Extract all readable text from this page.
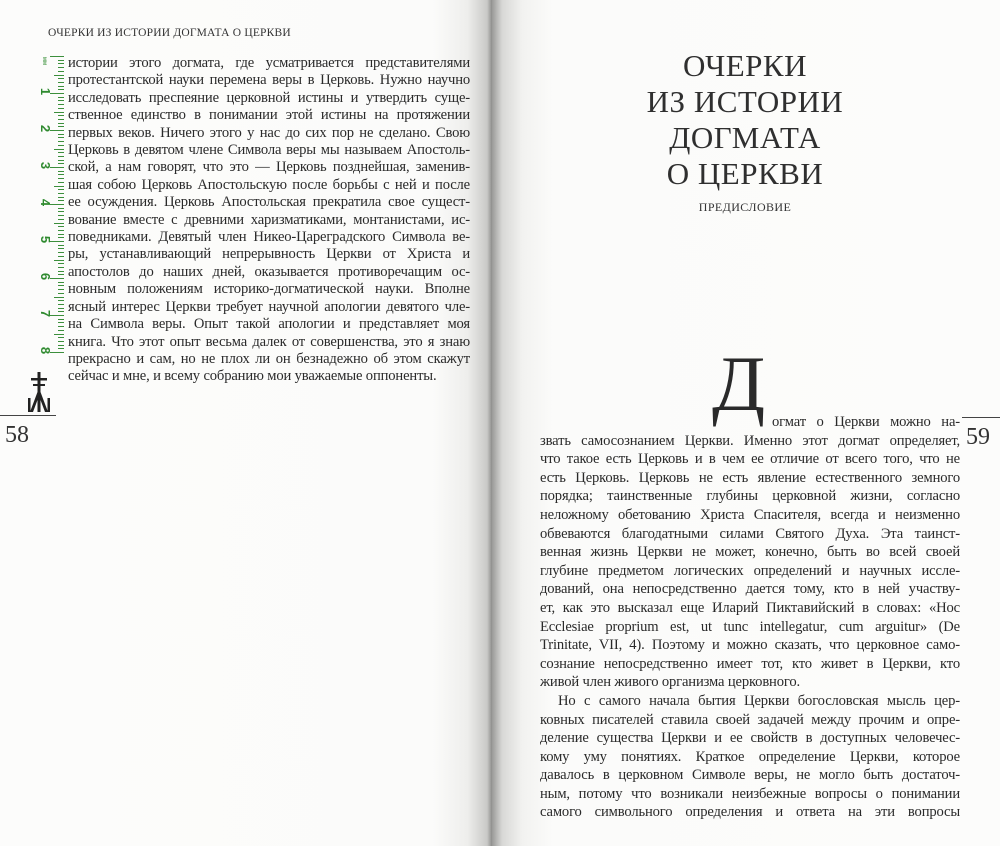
ОЧЕРКИ ИЗ ИСТОРИИ ДОГМАТА О ЦЕРКВИ
мм
1
2
3
4
5
6
7
8
истории этого догмата, где усматривается представителями
протестантской науки перемена веры в Церковь. Нужно научно
исследовать преспеяние церковной истины и утвердить суще-
ственное единство в понимании этой истины на протяжении
первых веков. Ничего этого у нас до сих пор не сделано. Свою
Церковь в девятом члене Символа веры мы называем Апостоль-
ской, а нам говорят, что это — Церковь позднейшая, заменив-
шая собою Церковь Апостольскую после борьбы с ней и после
ее осуждения. Церковь Апостольская прекратила свое сущест-
вование вместе с древними харизматиками, монтанистами, ис-
поведниками. Девятый член Никео-Цареградского Символа ве-
ры, устанавливающий непрерывность Церкви от Христа и
апостолов до наших дней, оказывается противоречащим ос-
новным положениям историко-догматической науки. Вполне
ясный интерес Церкви требует научной апологии девятого чле-
на Символа веры. Опыт такой апологии и представляет моя
книга. Что этот опыт весьма далек от совершенства, это я знаю
прекрасно и сам, но не плох ли он безнадежно об этом скажут
сейчас и мне, и всему собранию мои уважаемые оппоненты.
58
ОЧЕРКИ
ИЗ ИСТОРИИ
ДОГМАТА
О ЦЕРКВИ
ПРЕДИСЛОВИЕ
Д огмат о Церкви можно на-
звать самосознанием Церкви. Именно этот догмат определяет,
что такое есть Церковь и в чем ее отличие от всего того, что не
есть Церковь. Церковь не есть явление естественного земного
порядка; таинственные глубины церковной жизни, согласно
неложному обетованию Христа Спасителя, всегда и неизменно
обвеваются благодатными силами Святого Духа. Эта таинст-
венная жизнь Церкви не может, конечно, быть во всей своей
глубине предметом логических определений и научных иссле-
дований, она непосредственно дается тому, кто в ней участву-
ет, как это высказал еще Иларий Пиктавийский в словах: «Hoc
Ecclesiae proprium est, ut tunc intellegatur, cum arguitur» (De
Trinitate, VII, 4). Поэтому и можно сказать, что церковное само-
сознание непосредственно имеет тот, кто живет в Церкви, кто
живой член живого организма церковного.
Но с самого начала бытия Церкви богословская мысль цер-
ковных писателей ставила своей задачей между прочим и опре-
деление существа Церкви и ее свойств в доступных человечес-
кому уму понятиях. Краткое определение Церкви, которое
давалось в церковном Символе веры, не могло быть достаточ-
ным, потому что возникали неизбежные вопросы о понимании
самого символьного определения и ответа на эти вопросы
59
